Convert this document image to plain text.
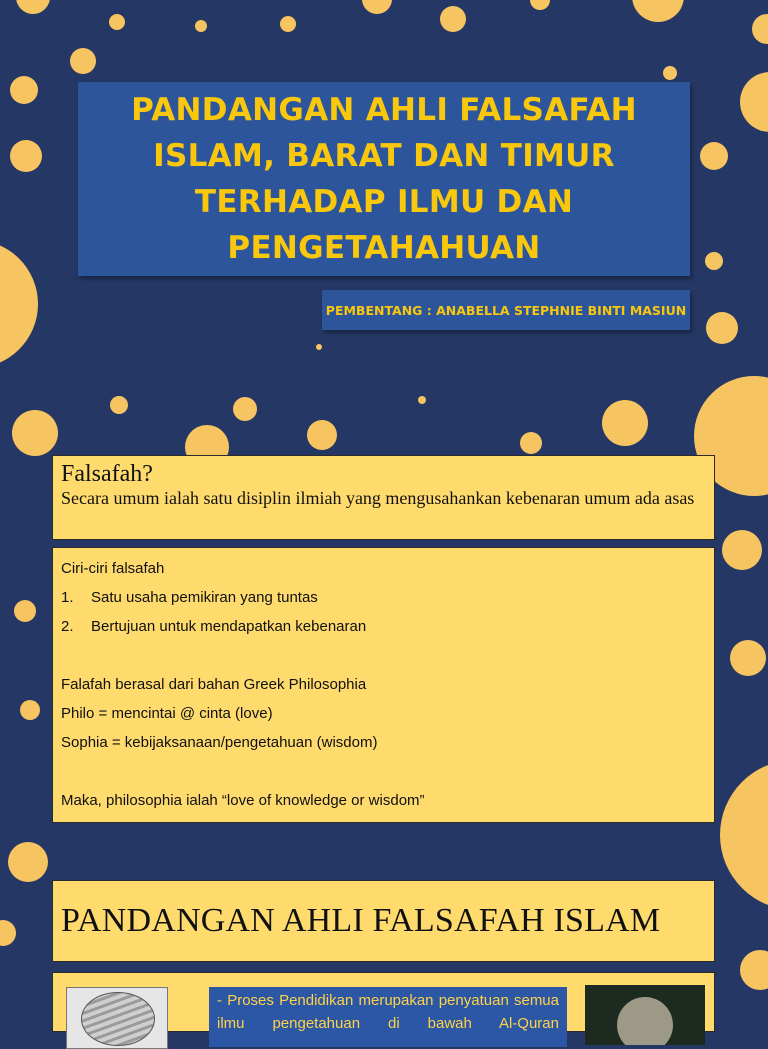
PANDANGAN AHLI FALSAFAH
ISLAM, BARAT DAN TIMUR
TERHADAP ILMU DAN
PENGETAHAHUAN
PEMBENTANG : ANABELLA STEPHNIE BINTI MASIUN
Falsafah?
Secara umum ialah satu disiplin ilmiah yang mengusahankan kebenaran umum ada asas
Ciri-ciri falsafah
1. Satu usaha pemikiran yang tuntas
2. Bertujuan untuk mendapatkan kebenaran
Falafah berasal dari bahan Greek Philosophia
Philo = mencintai @ cinta (love)
Sophia = kebijaksanaan/pengetahuan (wisdom)
Maka, philosophia ialah “love of knowledge or wisdom”
PANDANGAN AHLI FALSAFAH ISLAM
- Proses Pendidikan merupakan penyatuan semua ilmu pengetahuan di bawah Al-Quran
